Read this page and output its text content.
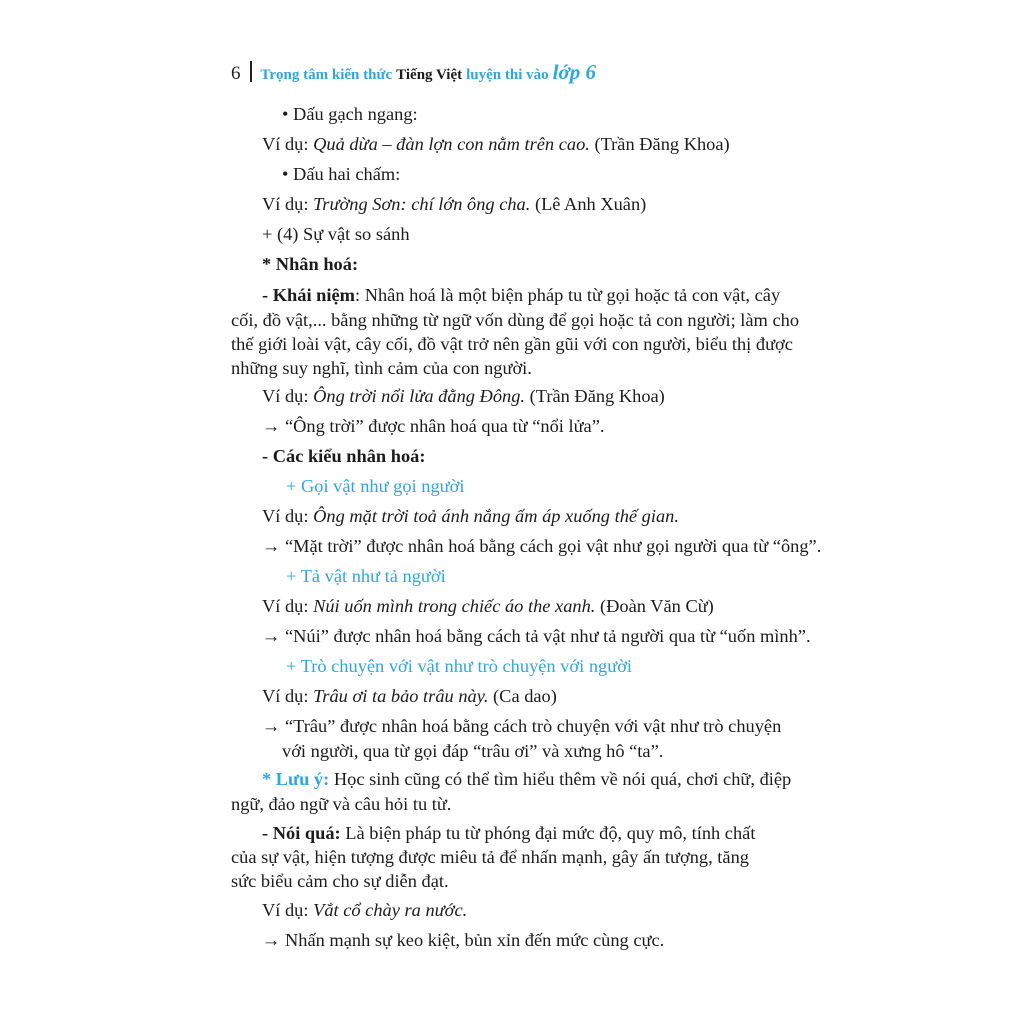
6 Trọng tâm kiến thức Tiếng Việt luyện thi vào lớp 6
• Dấu gạch ngang:
Ví dụ: Quả dừa – đàn lợn con nằm trên cao. (Trần Đăng Khoa)
• Dấu hai chấm:
Ví dụ: Trường Sơn: chí lớn ông cha. (Lê Anh Xuân)
+ (4) Sự vật so sánh
* Nhân hoá:
- Khái niệm: Nhân hoá là một biện pháp tu từ gọi hoặc tả con vật, cây
cối, đồ vật,... bằng những từ ngữ vốn dùng để gọi hoặc tả con người; làm cho
thế giới loài vật, cây cối, đồ vật trở nên gần gũi với con người, biểu thị được
những suy nghĩ, tình cảm của con người.
Ví dụ: Ông trời nổi lửa đằng Đông. (Trần Đăng Khoa)
→ “Ông trời” được nhân hoá qua từ “nổi lửa”.
- Các kiểu nhân hoá:
+ Gọi vật như gọi người
Ví dụ: Ông mặt trời toả ánh nắng ấm áp xuống thế gian.
→ “Mặt trời” được nhân hoá bằng cách gọi vật như gọi người qua từ “ông”.
+ Tả vật như tả người
Ví dụ: Núi uốn mình trong chiếc áo the xanh. (Đoàn Văn Cừ)
→ “Núi” được nhân hoá bằng cách tả vật như tả người qua từ “uốn mình”.
+ Trò chuyện với vật như trò chuyện với người
Ví dụ: Trâu ơi ta bảo trâu này. (Ca dao)
→ “Trâu” được nhân hoá bằng cách trò chuyện với vật như trò chuyện
với người, qua từ gọi đáp “trâu ơi” và xưng hô “ta”.
* Lưu ý: Học sinh cũng có thể tìm hiểu thêm về nói quá, chơi chữ, điệp
ngữ, đảo ngữ và câu hỏi tu từ.
- Nói quá: Là biện pháp tu từ phóng đại mức độ, quy mô, tính chất
của sự vật, hiện tượng được miêu tả để nhấn mạnh, gây ấn tượng, tăng
sức biểu cảm cho sự diễn đạt.
Ví dụ: Vắt cổ chày ra nước.
→ Nhấn mạnh sự keo kiệt, bủn xỉn đến mức cùng cực.
